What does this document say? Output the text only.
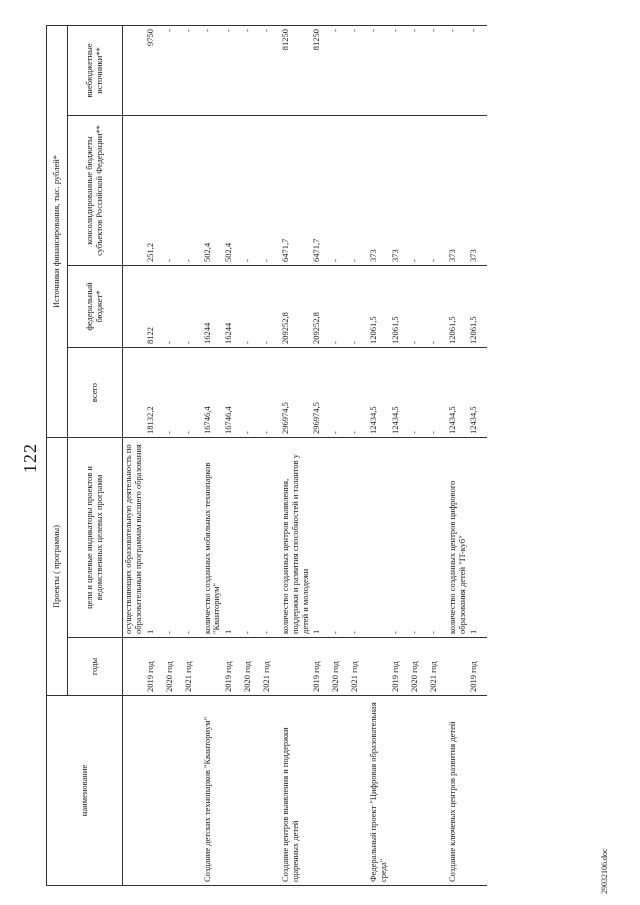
122
наименование	Проекты ( программы)		Источники финансирования, тыс. рублей*			
	годы	цели и целевые индикаторы проектов и ведомственных целевых программ	всего	федеральный бюджет*	консолидированные бюджеты субъектов Российской Федерации**	внебюджетные источники**
		осуществляющих образовательную деятельность по образовательным программам высшего образования				
	2019 год	1	18132,2	8122	251,2	9750
	2020 год	-	-	-	-	-
	2021 год	-	-	-	-	-
Создание детских технопарков "Кванториум"		количество созданных мобильных технопарков "Кванториум"	16746,4	16244	502,4	-
	2019 год	1	16746,4	16244	502,4	-
	2020 год	-	-	-	-	-
	2021 год	-	-	-	-	-
Создание центров выявления и поддержки одаренных детей		количество созданных центров выявления, поддержки и развития способностей и талантов у детей и молодежи	296974,5	209252,8	6471,7	81250
	2019 год	1	296974,5	209252,8	6471,7	81250
	2020 год	-	-	-	-	-
	2021 год	-	-	-	-	-
Федеральный проект "Цифровая образовательная среда"			12434,5	12061,5	373	-
	2019 год	-	12434,5	12061,5	373	-
	2020 год	-	-	-	-	-
	2021 год	-	-	-	-	-
Создание ключевых центров развития детей		количество созданных центров цифрового образования детей "IT-куб"	12434,5	12061,5	373	-
	2019 год	1	12434,5	12061,5	373	-
29032106.doc
